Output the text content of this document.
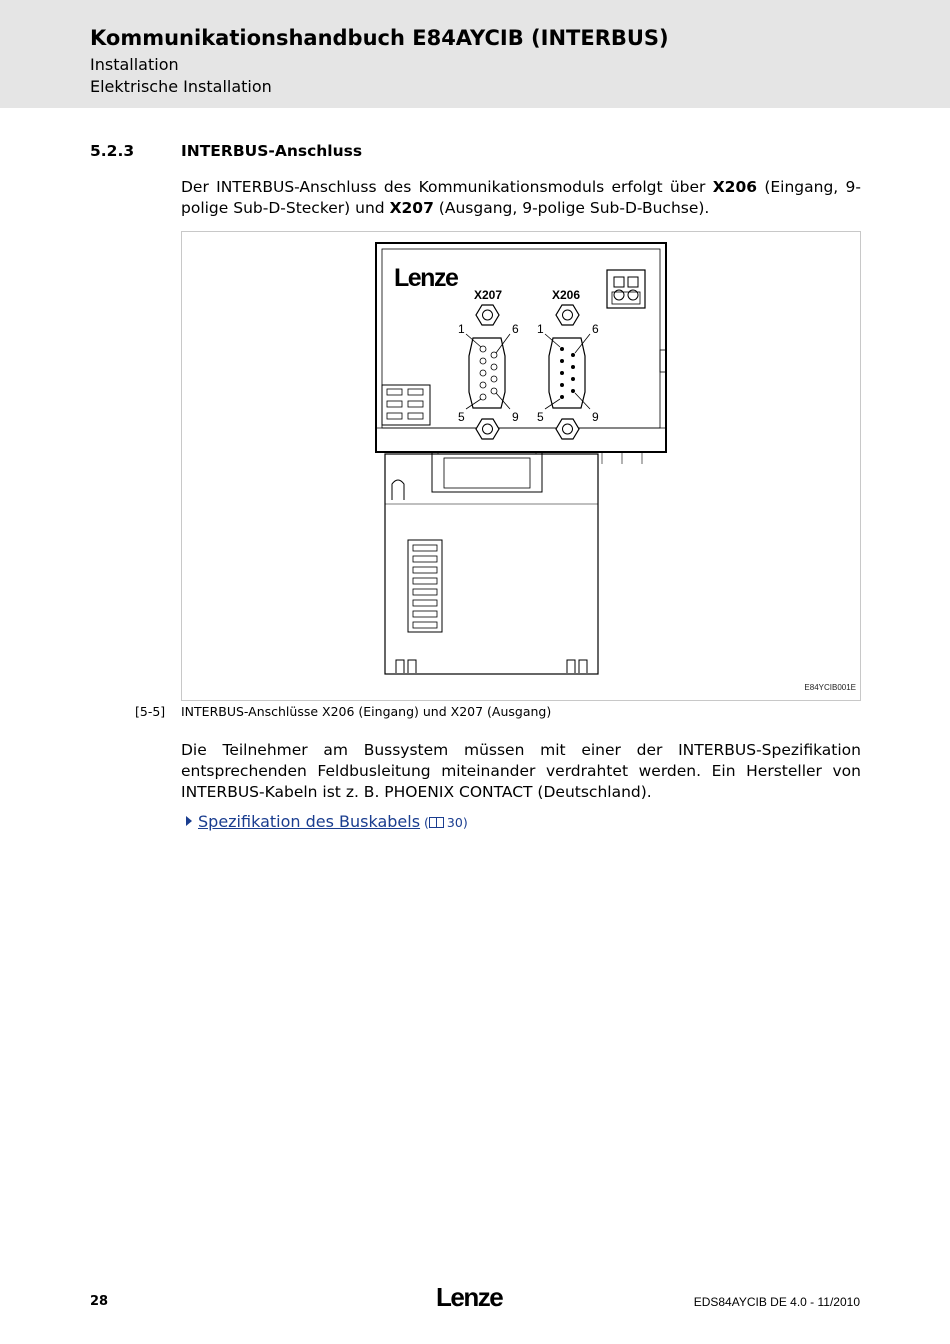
Kommunikationshandbuch E84AYCIB (INTERBUS)
Installation
Elektrische Installation
5.2.3	INTERBUS-Anschluss
Der INTERBUS-Anschluss des Kommunikationsmoduls erfolgt über X206 (Eingang, 9-polige Sub-D-Stecker) und X207 (Ausgang, 9-polige Sub-D-Buchse).
Lenze
X207
1	6
5	9
X206
1	6
5	9
E84YCIB001E
[5-5] INTERBUS-Anschlüsse X206 (Eingang) und X207 (Ausgang)
Die Teilnehmer am Bussystem müssen mit einer der INTERBUS-Spezifikation entsprechenden Feldbusleitung miteinander verdrahtet werden. Ein Hersteller von INTERBUS-Kabeln ist z. B. PHOENIX CONTACT (Deutschland).
Spezifikation des Buskabels ( 30)
28	Lenze	EDS84AYCIB DE 4.0 - 11/2010
